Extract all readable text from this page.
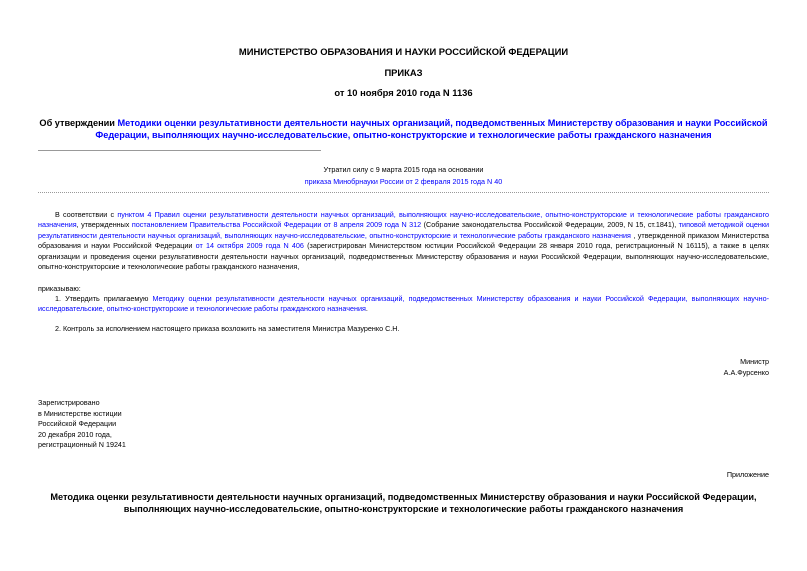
МИНИСТЕРСТВО ОБРАЗОВАНИЯ И НАУКИ РОССИЙСКОЙ ФЕДЕРАЦИИ
ПРИКАЗ
от 10 ноября 2010 года N 1136
Об утверждении Методики оценки результативности деятельности научных организаций, подведомственных Министерству образования и науки Российской Федерации, выполняющих научно-исследовательские, опытно-конструкторские и технологические работы гражданского назначения
Утратил силу с 9 марта 2015 года на основании
приказа Минобрнауки России от 2 февраля 2015 года N 40
В соответствии с пунктом 4 Правил оценки результативности деятельности научных организаций, выполняющих научно-исследовательские, опытно-конструкторские и технологические работы гражданского назначения, утвержденных постановлением Правительства Российской Федерации от 8 апреля 2009 года N 312 (Собрание законодательства Российской Федерации, 2009, N 15, ст.1841), типовой методикой оценки результативности деятельности научных организаций, выполняющих научно-исследовательские, опытно-конструкторские и технологические работы гражданского назначения , утвержденной приказом Министерства образования и науки Российской Федерации от 14 октября 2009 года N 406 (зарегистрирован Министерством юстиции Российской Федерации 28 января 2010 года, регистрационный N 16115), а также в целях организации и проведения оценки результативности деятельности научных организаций, подведомственных Министерству образования и науки Российской Федерации, выполняющих научно-исследовательские, опытно-конструкторские и технологические работы гражданского назначения,
приказываю:
1. Утвердить прилагаемую Методику оценки результативности деятельности научных организаций, подведомственных Министерству образования и науки Российской Федерации, выполняющих научно-исследовательские, опытно-конструкторские и технологические работы гражданского назначения.
2. Контроль за исполнением настоящего приказа возложить на заместителя Министра Мазуренко С.Н.
Министр
А.А.Фурсенко
Зарегистрировано
в Министерстве юстиции
Российской Федерации
20 декабря 2010 года,
регистрационный N 19241
Приложение
Методика оценки результативности деятельности научных организаций, подведомственных Министерству образования и науки Российской Федерации, выполняющих научно-исследовательские, опытно-конструкторские и технологические работы гражданского назначения
